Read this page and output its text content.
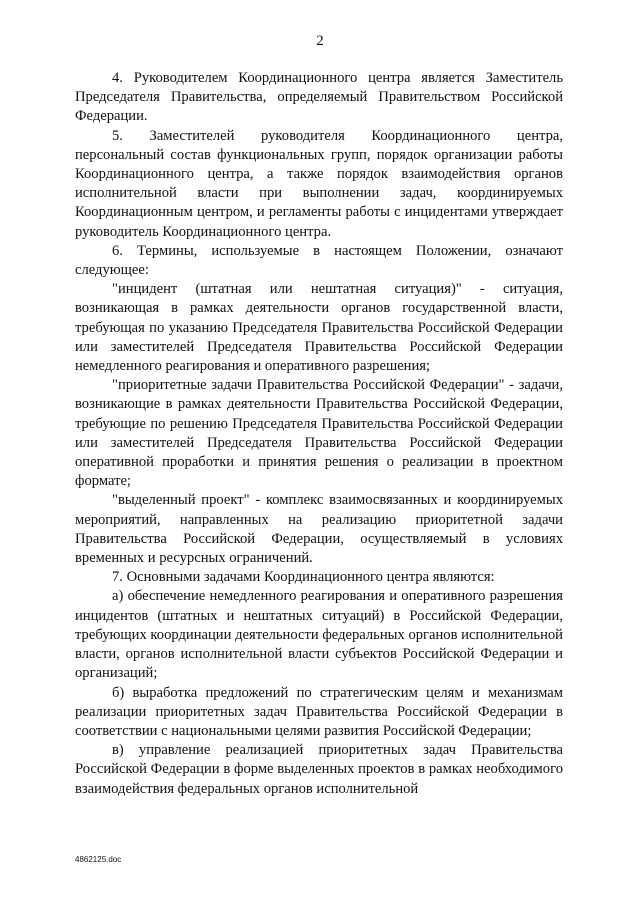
2

4. Руководителем Координационного центра является Заместитель Председателя Правительства, определяемый Правительством Российской Федерации.

5. Заместителей руководителя Координационного центра, персональный состав функциональных групп, порядок организации работы Координационного центра, а также порядок взаимодействия органов исполнительной власти при выполнении задач, координируемых Координационным центром, и регламенты работы с инцидентами утверждает руководитель Координационного центра.

6. Термины, используемые в настоящем Положении, означают следующее:

"инцидент (штатная или нештатная ситуация)" - ситуация, возникающая в рамках деятельности органов государственной власти, требующая по указанию Председателя Правительства Российской Федерации или заместителей Председателя Правительства Российской Федерации немедленного реагирования и оперативного разрешения;

"приоритетные задачи Правительства Российской Федерации" - задачи, возникающие в рамках деятельности Правительства Российской Федерации, требующие по решению Председателя Правительства Российской Федерации или заместителей Председателя Правительства Российской Федерации оперативной проработки и принятия решения о реализации в проектном формате;

"выделенный проект" - комплекс взаимосвязанных и координируемых мероприятий, направленных на реализацию приоритетной задачи Правительства Российской Федерации, осуществляемый в условиях временных и ресурсных ограничений.

7. Основными задачами Координационного центра являются:

а) обеспечение немедленного реагирования и оперативного разрешения инцидентов (штатных и нештатных ситуаций) в Российской Федерации, требующих координации деятельности федеральных органов исполнительной власти, органов исполнительной власти субъектов Российской Федерации и организаций;

б) выработка предложений по стратегическим целям и механизмам реализации приоритетных задач Правительства Российской Федерации в соответствии с национальными целями развития Российской Федерации;

в) управление реализацией приоритетных задач Правительства Российской Федерации в форме выделенных проектов в рамках необходимого взаимодействия федеральных органов исполнительной

4862125.doc
